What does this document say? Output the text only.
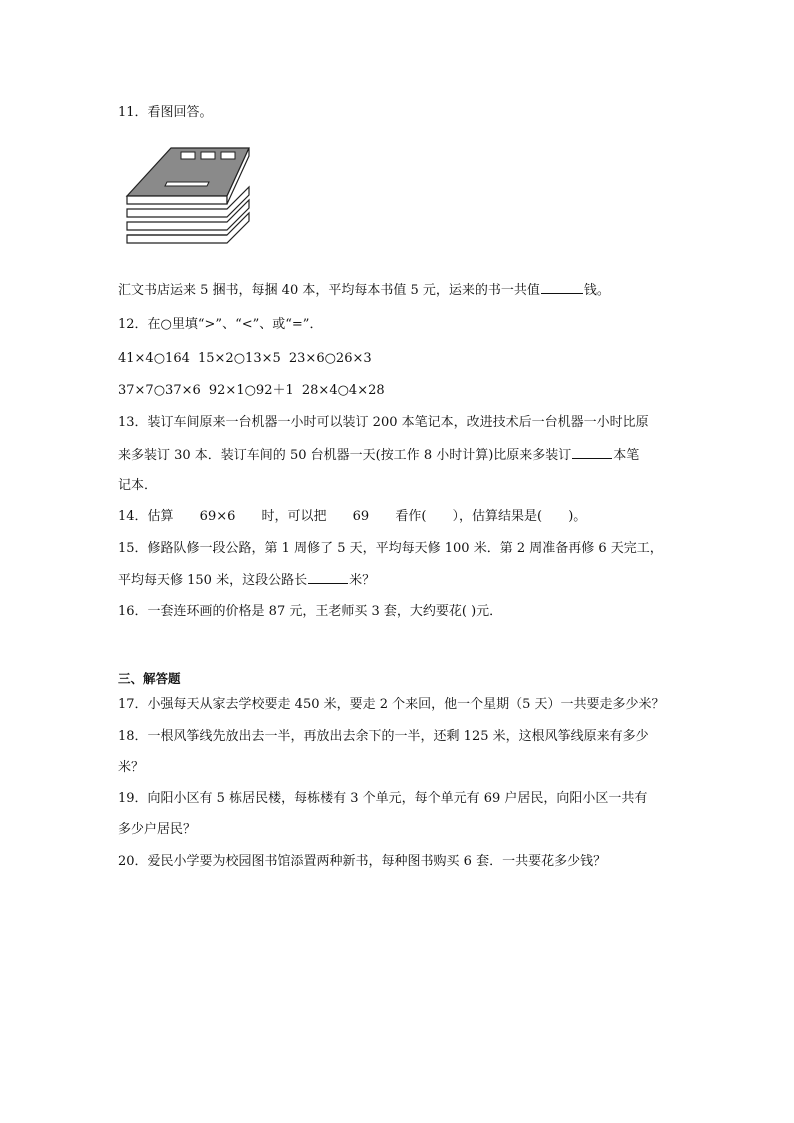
11．看图回答。
汇文书店运来 5 捆书，每捆 40 本，平均每本书值 5 元，运来的书一共值	钱。
12．在○里填“>”、“<”、或“=”．
41×4○164 15×2○13×5 23×6○26×3
37×7○37×6 92×1○92＋1 28×4○4×28
13．装订车间原来一台机器一小时可以装订 200 本笔记本，改进技术后一台机器一小时比原
来多装订 30 本．装订车间的 50 台机器一天(按工作 8 小时计算)比原来多装订	本笔
记本．
14．估算 69×6 时，可以把 69 看作( ），估算结果是( )。
15．修路队修一段公路，第 1 周修了 5 天，平均每天修 100 米．第 2 周准备再修 6 天完工，
平均每天修 150 米，这段公路长	米？
16．一套连环画的价格是 87 元，王老师买 3 套，大约要花( )元．
三、解答题
17．小强每天从家去学校要走 450 米，要走 2 个来回，他一个星期（5 天）一共要走多少米？
18．一根风筝线先放出去一半，再放出去余下的一半，还剩 125 米，这根风筝线原来有多少
米？
19．向阳小区有 5 栋居民楼，每栋楼有 3 个单元，每个单元有 69 户居民，向阳小区一共有
多少户居民？
20．爱民小学要为校园图书馆添置两种新书，每种图书购买 6 套．一共要花多少钱？
